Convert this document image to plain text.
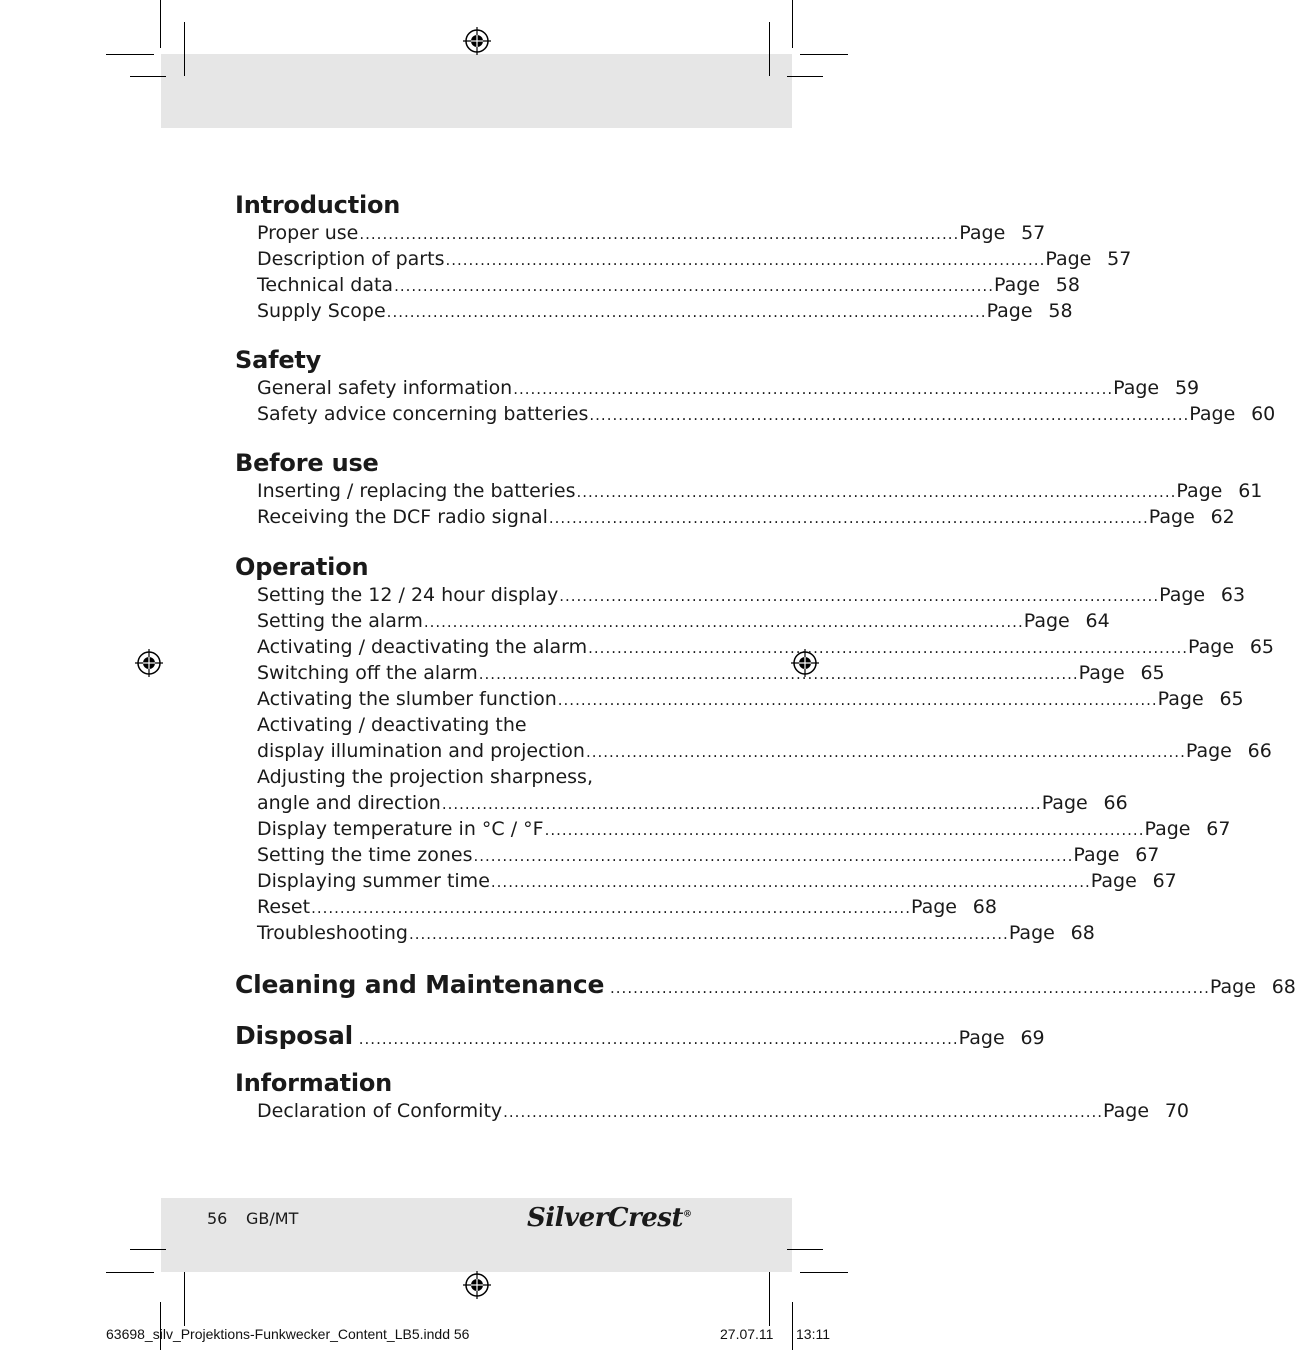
Introduction
Proper use ........................................................................................................ Page 57
Description of parts ........................................................................................................ Page 57
Technical data ........................................................................................................ Page 58
Supply Scope ........................................................................................................ Page 58
Safety
General safety information ........................................................................................................ Page 59
Safety advice concerning batteries ........................................................................................................ Page 60
Before use
Inserting / replacing the batteries ........................................................................................................ Page 61
Receiving the DCF radio signal ........................................................................................................ Page 62
Operation
Setting the 12 / 24 hour display ........................................................................................................ Page 63
Setting the alarm ........................................................................................................ Page 64
Activating / deactivating the alarm ........................................................................................................ Page 65
Switching off the alarm ........................................................................................................ Page 65
Activating the slumber function ........................................................................................................ Page 65
Activating / deactivating the
display illumination and projection ........................................................................................................ Page 66
Adjusting the projection sharpness,
angle and direction ........................................................................................................ Page 66
Display temperature in °C / °F ........................................................................................................ Page 67
Setting the time zones ........................................................................................................ Page 67
Displaying summer time ........................................................................................................ Page 67
Reset ........................................................................................................ Page 68
Troubleshooting ........................................................................................................ Page 68
Cleaning and Maintenance ........................................................................................................ Page 68
Disposal ........................................................................................................ Page 69
Information
Declaration of Conformity ........................................................................................................ Page 70
56 GB/MT	SilverCrest®
63698_silv_Projektions-Funkwecker_Content_LB5.indd 56	27.07.11 13:11
